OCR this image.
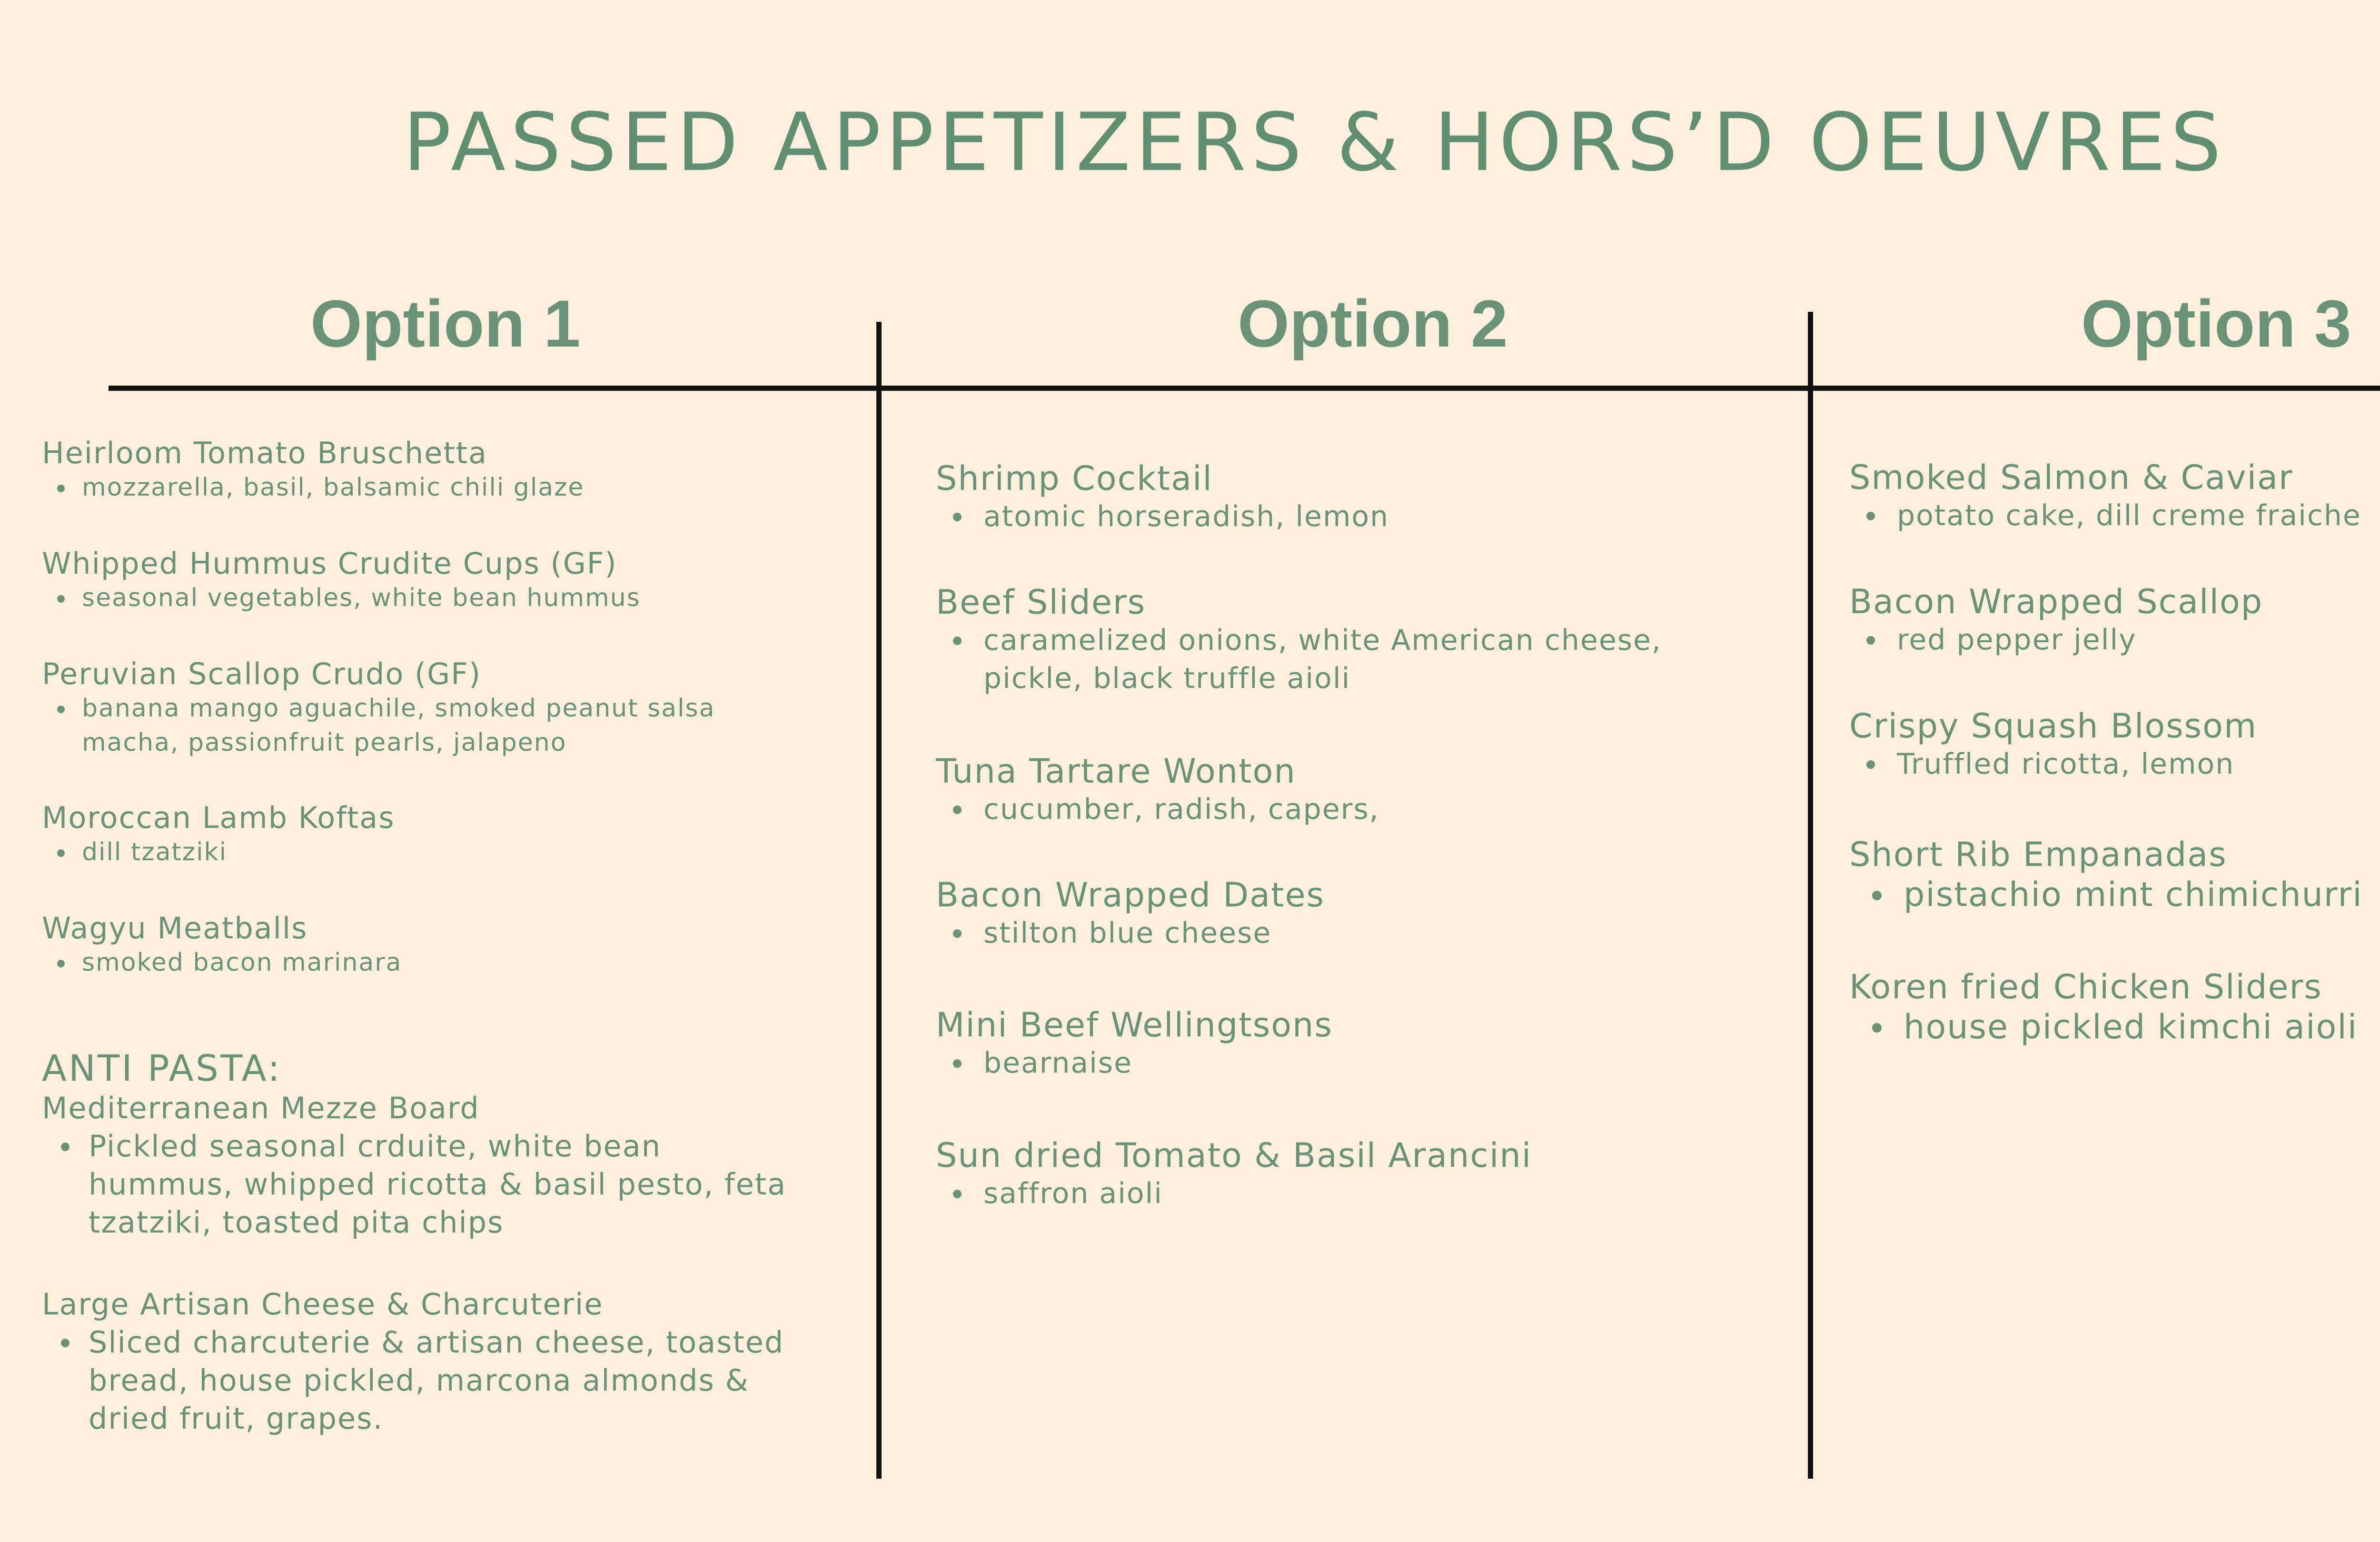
PASSED APPETIZERS & HORS’D OEUVRES
Option 1	Option 2	Option 3
Heirloom Tomato Bruschetta
mozzarella, basil, balsamic chili glaze
Whipped Hummus Crudite Cups (GF)
seasonal vegetables, white bean hummus
Peruvian Scallop Crudo (GF)
banana mango aguachile, smoked peanut salsa
macha, passionfruit pearls, jalapeno
Moroccan Lamb Koftas
dill tzatziki
Wagyu Meatballs
smoked bacon marinara
ANTI PASTA:
Mediterranean Mezze Board
Pickled seasonal crduite, white bean
hummus, whipped ricotta & basil pesto, feta
tzatziki, toasted pita chips
Large Artisan Cheese & Charcuterie
Sliced charcuterie & artisan cheese, toasted
bread, house pickled, marcona almonds &
dried fruit, grapes.
Shrimp Cocktail
atomic horseradish, lemon
Beef Sliders
caramelized onions, white American cheese,
pickle, black truffle aioli
Tuna Tartare Wonton
cucumber, radish, capers,
Bacon Wrapped Dates
stilton blue cheese
Mini Beef Wellingtsons
bearnaise
Sun dried Tomato & Basil Arancini
saffron aioli
Smoked Salmon & Caviar
potato cake, dill creme fraiche
Bacon Wrapped Scallop
red pepper jelly
Crispy Squash Blossom
Truffled ricotta, lemon
Short Rib Empanadas
pistachio mint chimichurri
Koren fried Chicken Sliders
house pickled kimchi aioli
